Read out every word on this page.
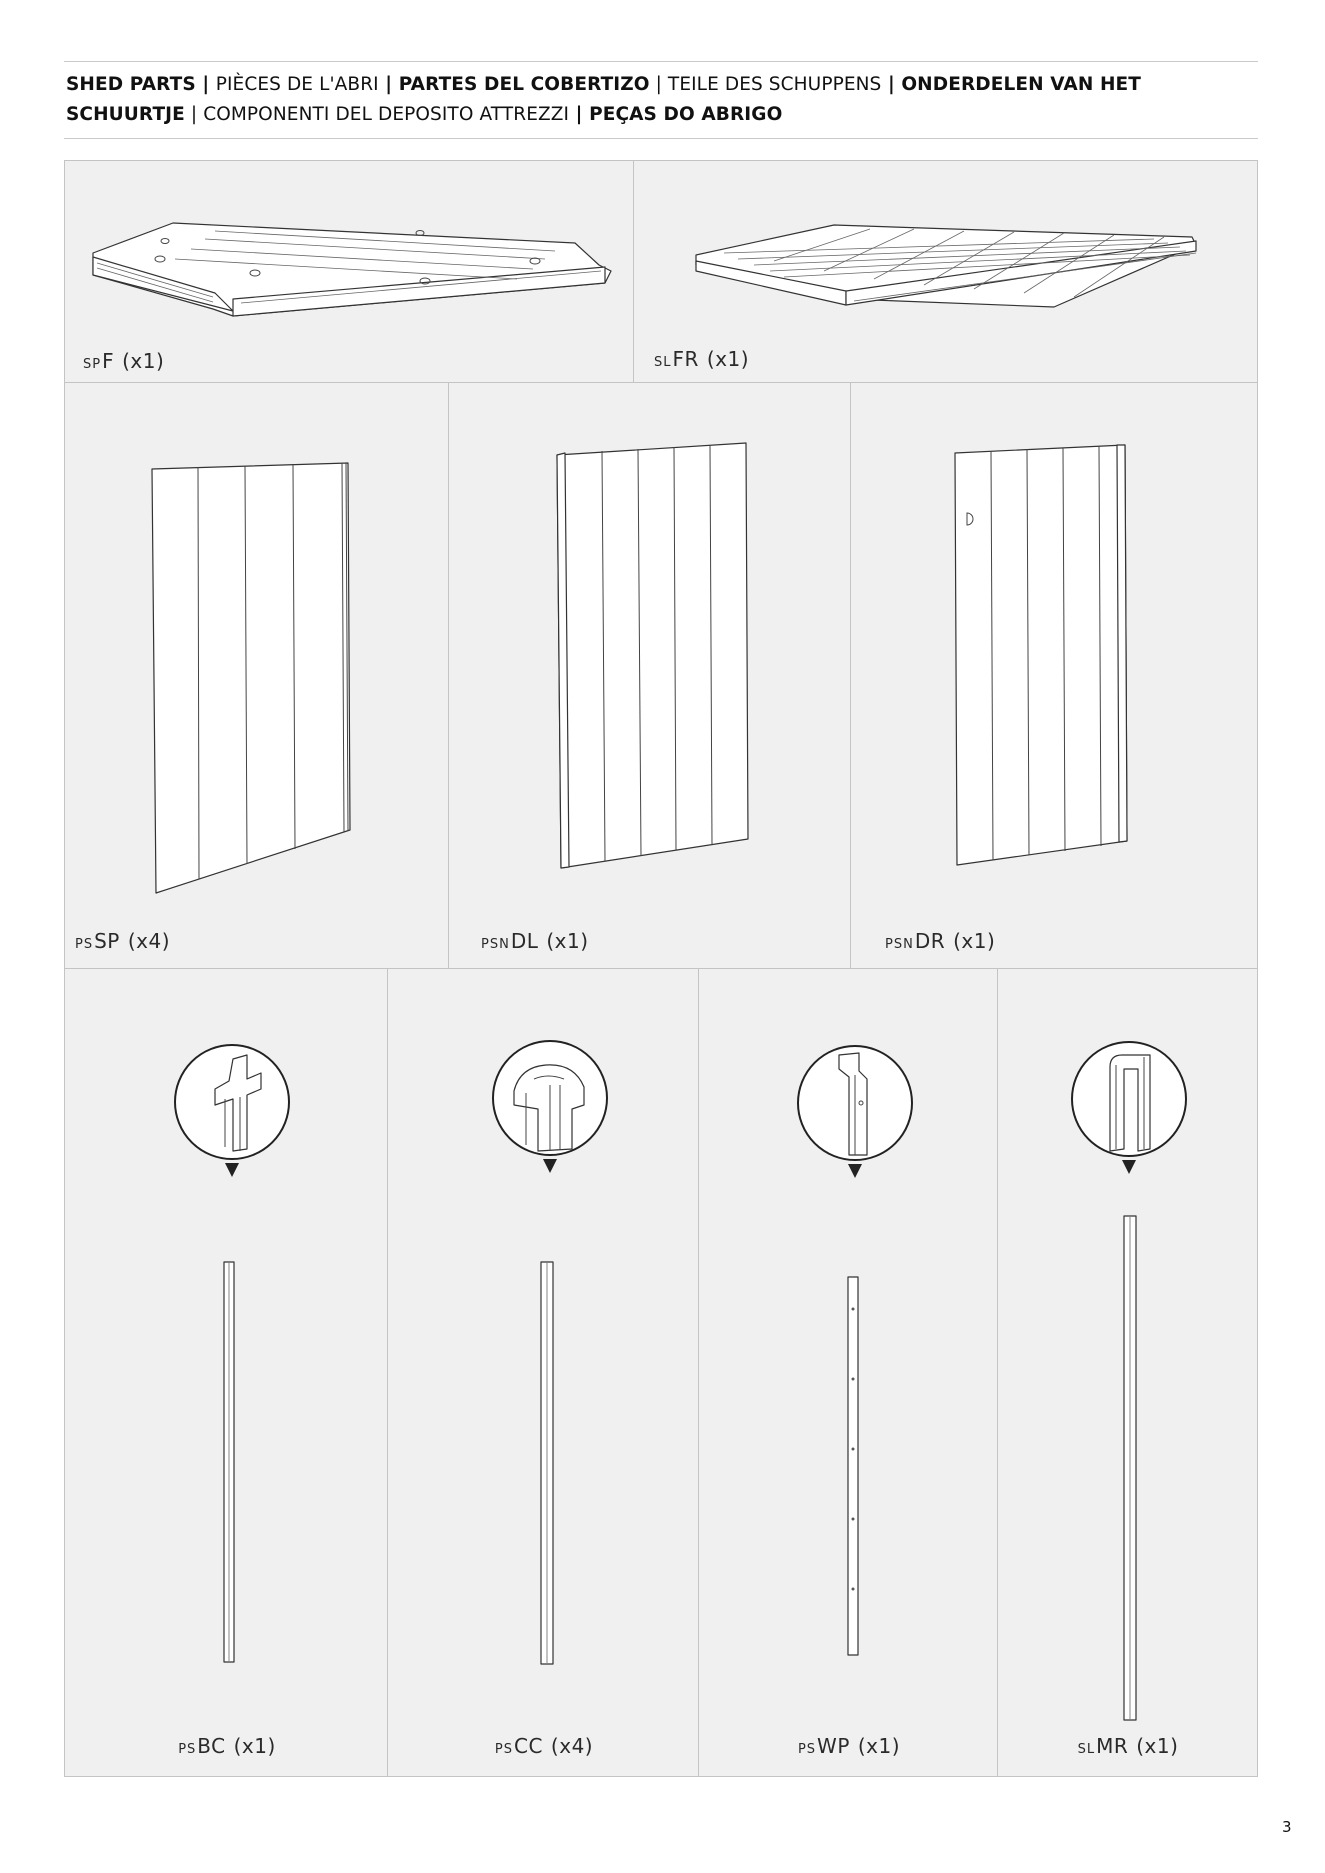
SHED PARTS | PIÈCES DE L'ABRI | PARTES DEL COBERTIZO | TEILE DES SCHUPPENS | ONDERDELEN VAN HET SCHUURTJE | COMPONENTI DEL DEPOSITO ATTREZZI | PEÇAS DO ABRIGO
SPF (x1)	SLFR (x1)
PSSP (x4)	PSNDL (x1)	PSNDR (x1)
PSBC (x1)	PSCC (x4)	PSWP (x1)	SLMR (x1)
3
